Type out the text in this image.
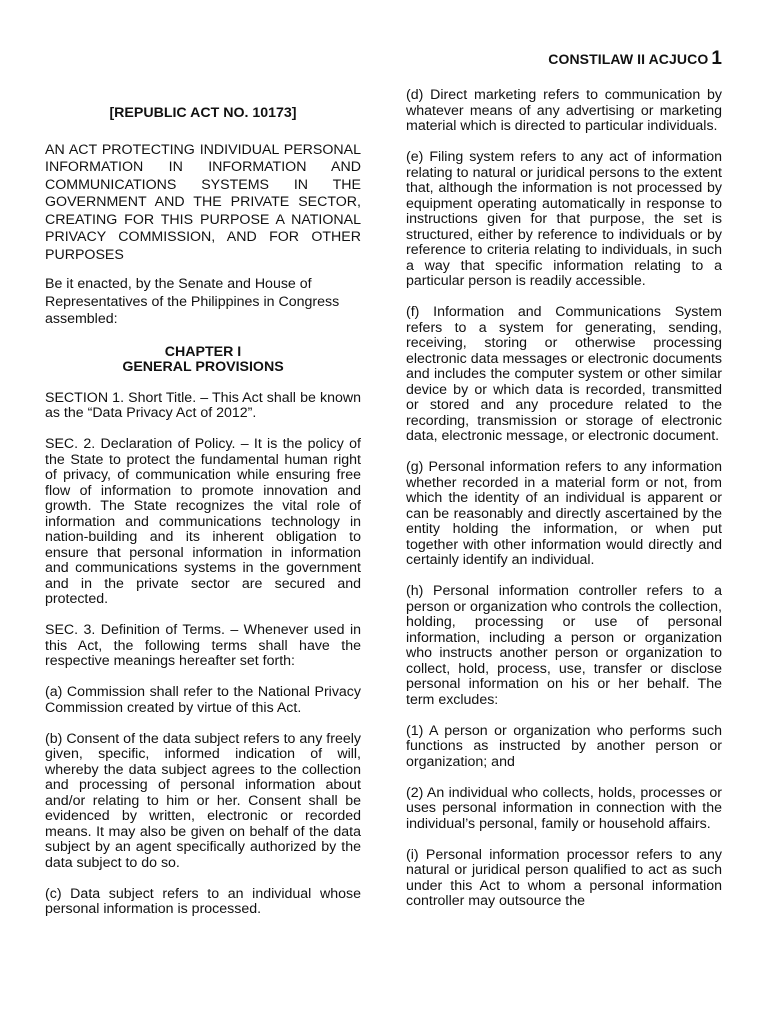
CONSTILAW II ACJUCO 1

[REPUBLIC ACT NO. 10173]

AN ACT PROTECTING INDIVIDUAL PERSONAL INFORMATION IN INFORMATION AND COMMUNICATIONS SYSTEMS IN THE GOVERNMENT AND THE PRIVATE SECTOR, CREATING FOR THIS PURPOSE A NATIONAL PRIVACY COMMISSION, AND FOR OTHER PURPOSES

Be it enacted, by the Senate and House of Representatives of the Philippines in Congress assembled:

CHAPTER I
GENERAL PROVISIONS

SECTION 1. Short Title. – This Act shall be known as the “Data Privacy Act of 2012”.

SEC. 2. Declaration of Policy. – It is the policy of the State to protect the fundamental human right of privacy, of communication while ensuring free flow of information to promote innovation and growth. The State recognizes the vital role of information and communications technology in nation-building and its inherent obligation to ensure that personal information in information and communications systems in the government and in the private sector are secured and protected.

SEC. 3. Definition of Terms. – Whenever used in this Act, the following terms shall have the respective meanings hereafter set forth:

(a) Commission shall refer to the National Privacy Commission created by virtue of this Act.

(b) Consent of the data subject refers to any freely given, specific, informed indication of will, whereby the data subject agrees to the collection and processing of personal information about and/or relating to him or her. Consent shall be evidenced by written, electronic or recorded means. It may also be given on behalf of the data subject by an agent specifically authorized by the data subject to do so.

(c) Data subject refers to an individual whose personal information is processed.

(d) Direct marketing refers to communication by whatever means of any advertising or marketing material which is directed to particular individuals.

(e) Filing system refers to any act of information relating to natural or juridical persons to the extent that, although the information is not processed by equipment operating automatically in response to instructions given for that purpose, the set is structured, either by reference to individuals or by reference to criteria relating to individuals, in such a way that specific information relating to a particular person is readily accessible.

(f) Information and Communications System refers to a system for generating, sending, receiving, storing or otherwise processing electronic data messages or electronic documents and includes the computer system or other similar device by or which data is recorded, transmitted or stored and any procedure related to the recording, transmission or storage of electronic data, electronic message, or electronic document.

(g) Personal information refers to any information whether recorded in a material form or not, from which the identity of an individual is apparent or can be reasonably and directly ascertained by the entity holding the information, or when put together with other information would directly and certainly identify an individual.

(h) Personal information controller refers to a person or organization who controls the collection, holding, processing or use of personal information, including a person or organization who instructs another person or organization to collect, hold, process, use, transfer or disclose personal information on his or her behalf. The term excludes:

(1) A person or organization who performs such functions as instructed by another person or organization; and

(2) An individual who collects, holds, processes or uses personal information in connection with the individual’s personal, family or household affairs.

(i) Personal information processor refers to any natural or juridical person qualified to act as such under this Act to whom a personal information controller may outsource the
